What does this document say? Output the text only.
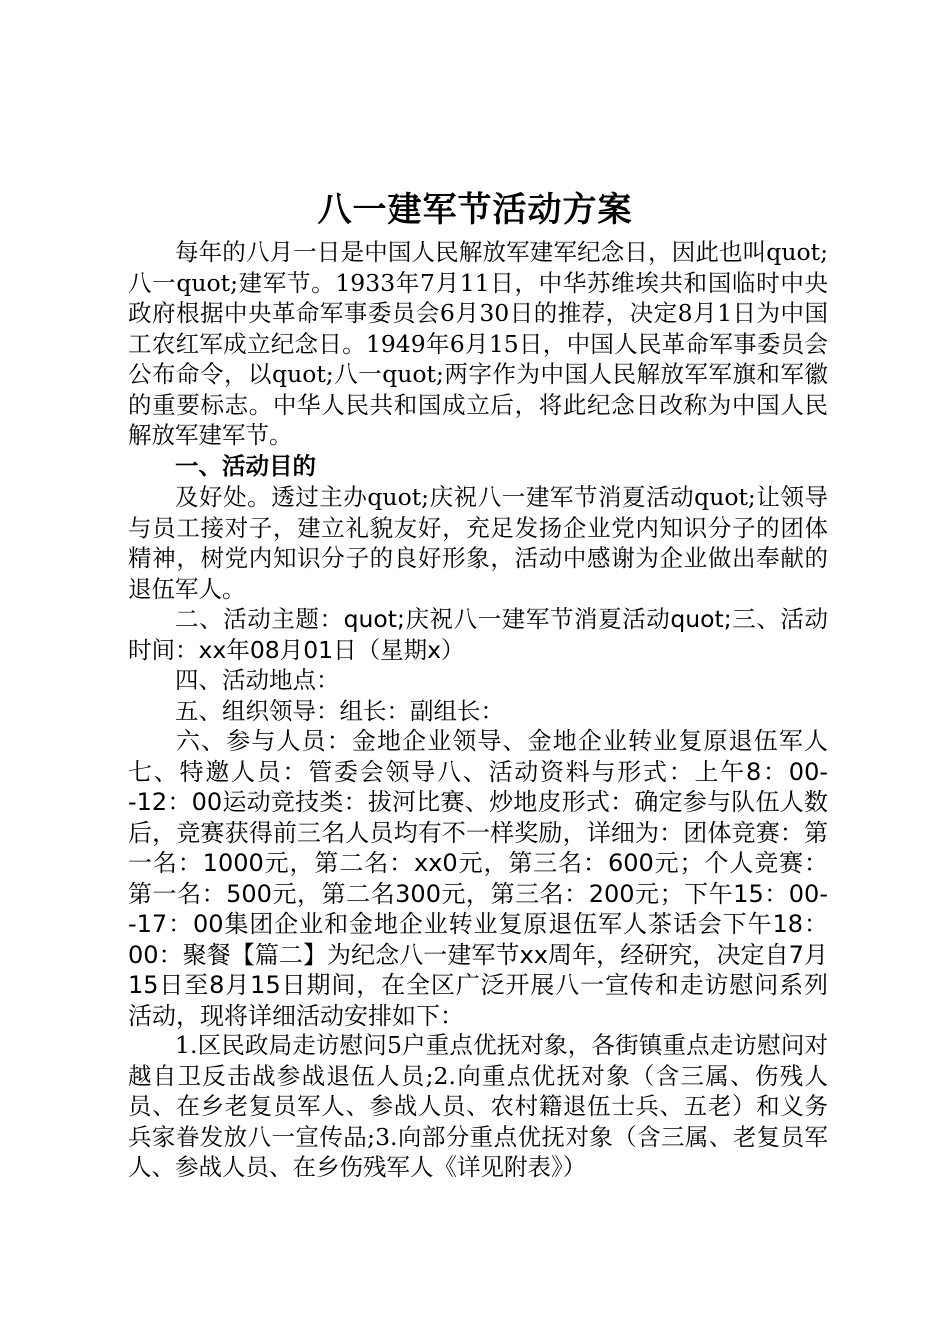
八一建军节活动方案

每年的八月一日是中国人民解放军建军纪念日，因此也叫quot;八一quot;建军节。1933年7月11日，中华苏维埃共和国临时中央政府根据中央革命军事委员会6月30日的推荐，决定8月1日为中国工农红军成立纪念日。1949年6月15日，中国人民革命军事委员会公布命令，以quot;八一quot;两字作为中国人民解放军军旗和军徽的重要标志。中华人民共和国成立后，将此纪念日改称为中国人民解放军建军节。

一、活动目的

及好处。透过主办quot;庆祝八一建军节消夏活动quot;让领导与员工接对子，建立礼貌友好，充足发扬企业党内知识分子的团体精神，树党内知识分子的良好形象，活动中感谢为企业做出奉献的退伍军人。

二、活动主题：quot;庆祝八一建军节消夏活动quot;三、活动时间：xx年08月01日（星期x）

四、活动地点：

五、组织领导：组长：副组长：

六、参与人员：金地企业领导、金地企业转业复原退伍军人七、特邀人员：管委会领导八、活动资料与形式：上午8：00--12：00运动竞技类：拔河比赛、炒地皮形式：确定参与队伍人数后，竞赛获得前三名人员均有不一样奖励，详细为：团体竞赛：第一名：1000元，第二名：xx0元，第三名：600元；个人竞赛：第一名：500元，第二名300元，第三名：200元；下午15：00--17：00集团企业和金地企业转业复原退伍军人茶话会下午18：00：聚餐【篇二】为纪念八一建军节xx周年，经研究，决定自7月15日至8月15日期间，在全区广泛开展八一宣传和走访慰问系列活动，现将详细活动安排如下：

1.区民政局走访慰问5户重点优抚对象，各街镇重点走访慰问对越自卫反击战参战退伍人员;2.向重点优抚对象（含三属、伤残人员、在乡老复员军人、参战人员、农村籍退伍士兵、五老）和义务兵家眷发放八一宣传品;3.向部分重点优抚对象（含三属、老复员军人、参战人员、在乡伤残军人《详见附表》）
